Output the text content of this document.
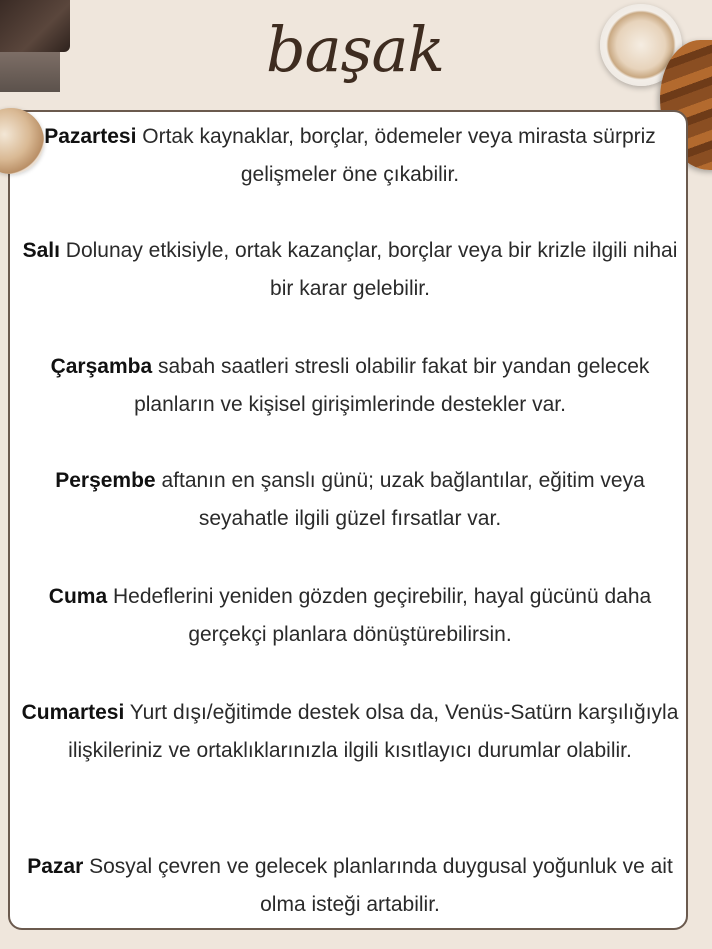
başak
Pazartesi Ortak kaynaklar, borçlar, ödemeler veya mirasta sürpriz gelişmeler öne çıkabilir.
Salı Dolunay etkisiyle, ortak kazançlar, borçlar veya bir krizle ilgili nihai bir karar gelebilir.
Çarşamba sabah saatleri stresli olabilir fakat bir yandan gelecek planların ve kişisel girişimlerinde destekler var.
Perşembe aftanın en şanslı günü; uzak bağlantılar, eğitim veya seyahatle ilgili güzel fırsatlar var.
Cuma Hedeflerini yeniden gözden geçirebilir, hayal gücünü daha gerçekçi planlara dönüştürebilirsin.
Cumartesi Yurt dışı/eğitimde destek olsa da, Venüs-Satürn karşılığıyla ilişkileriniz ve ortaklıklarınızla ilgili kısıtlayıcı durumlar olabilir.
Pazar Sosyal çevren ve gelecek planlarında duygusal yoğunluk ve ait olma isteği artabilir.
